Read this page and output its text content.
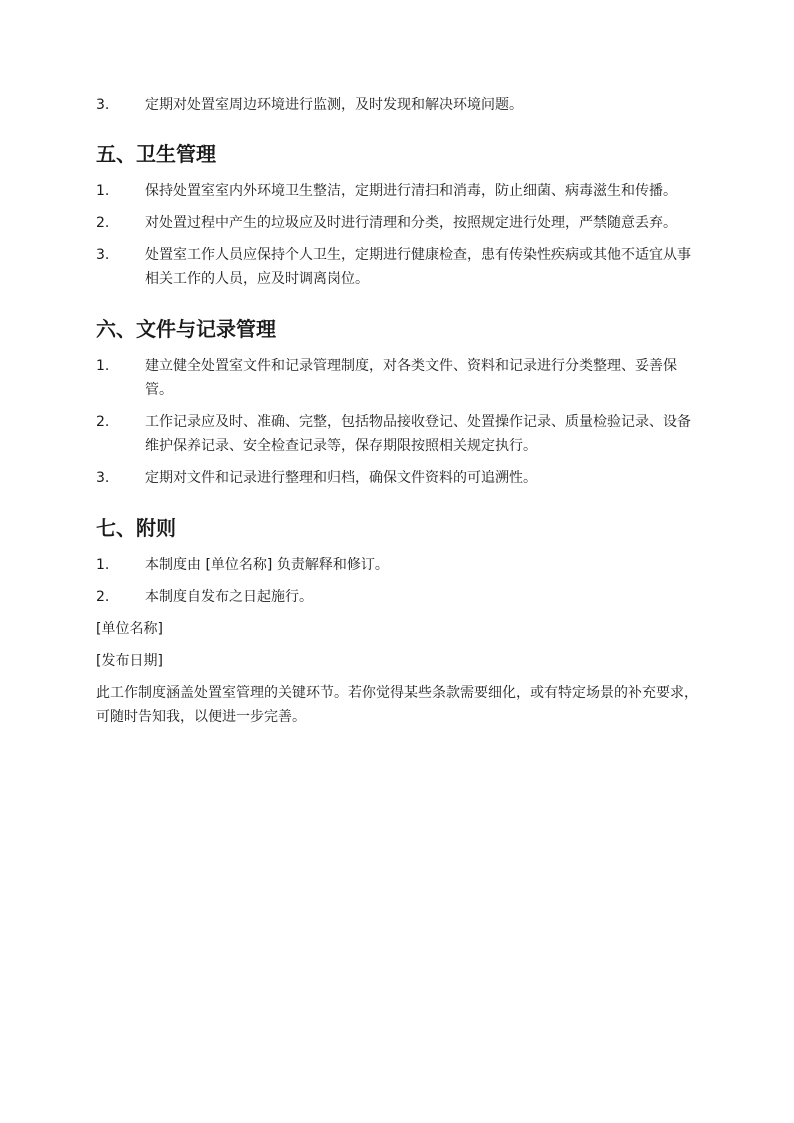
3.	定期对处置室周边环境进行监测，及时发现和解决环境问题。
五、卫生管理
1.	保持处置室室内外环境卫生整洁，定期进行清扫和消毒，防止细菌、病毒滋生和传播。
2.	对处置过程中产生的垃圾应及时进行清理和分类，按照规定进行处理，严禁随意丢弃。
3.	处置室工作人员应保持个人卫生，定期进行健康检查，患有传染性疾病或其他不适宜从事相关工作的人员，应及时调离岗位。
六、文件与记录管理
1.	建立健全处置室文件和记录管理制度，对各类文件、资料和记录进行分类整理、妥善保管。
2.	工作记录应及时、准确、完整，包括物品接收登记、处置操作记录、质量检验记录、设备维护保养记录、安全检查记录等，保存期限按照相关规定执行。
3.	定期对文件和记录进行整理和归档，确保文件资料的可追溯性。
七、附则
1.	本制度由 [单位名称] 负责解释和修订。
2.	本制度自发布之日起施行。
[单位名称]
[发布日期]
此工作制度涵盖处置室管理的关键环节。若你觉得某些条款需要细化，或有特定场景的补充要求，可随时告知我，以便进一步完善。
